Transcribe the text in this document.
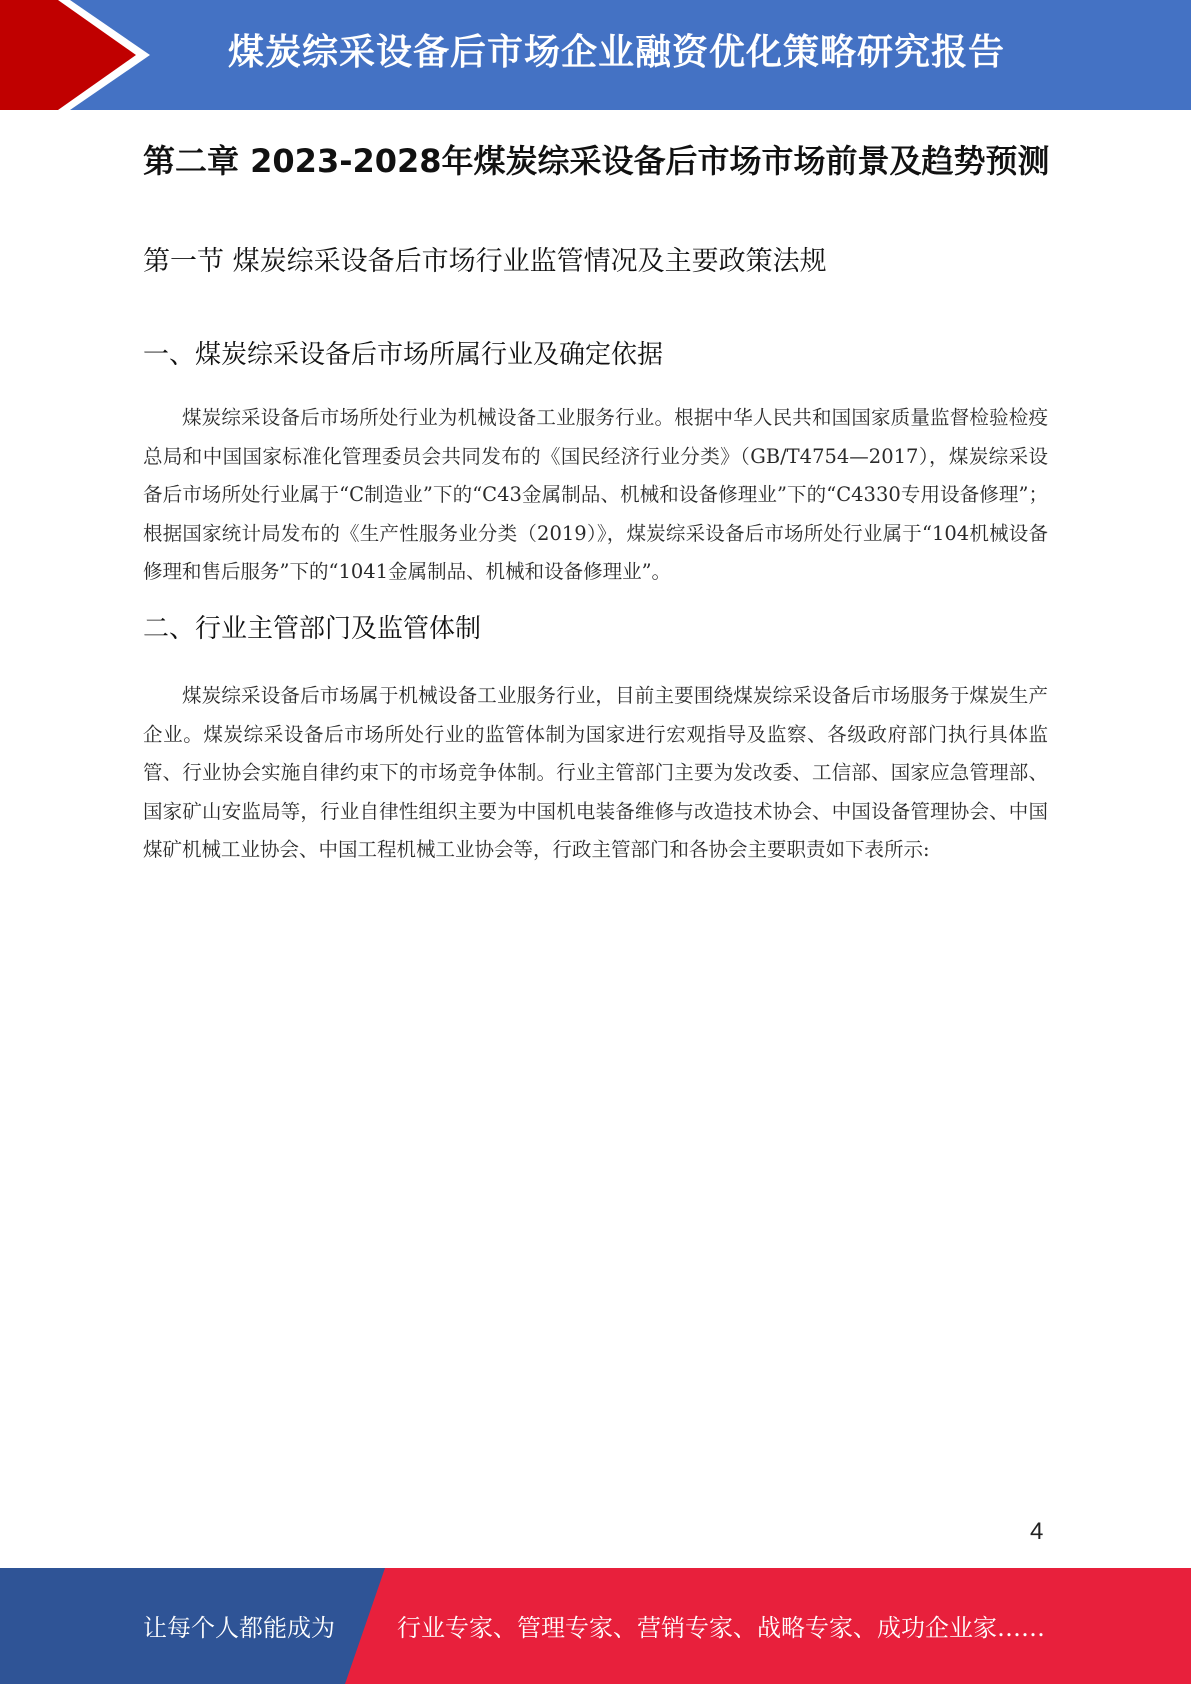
煤炭综采设备后市场企业融资优化策略研究报告
第二章 2023-2028年煤炭综采设备后市场市场前景及趋势预测
第一节 煤炭综采设备后市场行业监管情况及主要政策法规
一、煤炭综采设备后市场所属行业及确定依据

煤炭综采设备后市场所处行业为机械设备工业服务行业。根据中华人民共和国国家质量监督检验检疫总局和中国国家标准化管理委员会共同发布的《国民经济行业分类》（GB/T4754—2017），煤炭综采设备后市场所处行业属于“C制造业”下的“C43金属制品、机械和设备修理业”下的“C4330专用设备修理”；根据国家统计局发布的《生产性服务业分类（2019）》，煤炭综采设备后市场所处行业属于“104机械设备修理和售后服务”下的“1041金属制品、机械和设备修理业”。

二、行业主管部门及监管体制

煤炭综采设备后市场属于机械设备工业服务行业，目前主要围绕煤炭综采设备后市场服务于煤炭生产企业。煤炭综采设备后市场所处行业的监管体制为国家进行宏观指导及监察、各级政府部门执行具体监管、行业协会实施自律约束下的市场竞争体制。行业主管部门主要为发改委、工信部、国家应急管理部、国家矿山安监局等，行业自律性组织主要为中国机电装备维修与改造技术协会、中国设备管理协会、中国煤矿机械工业协会、中国工程机械工业协会等，行政主管部门和各协会主要职责如下表所示:

4
让每个人都能成为	行业专家、管理专家、营销专家、战略专家、成功企业家……
